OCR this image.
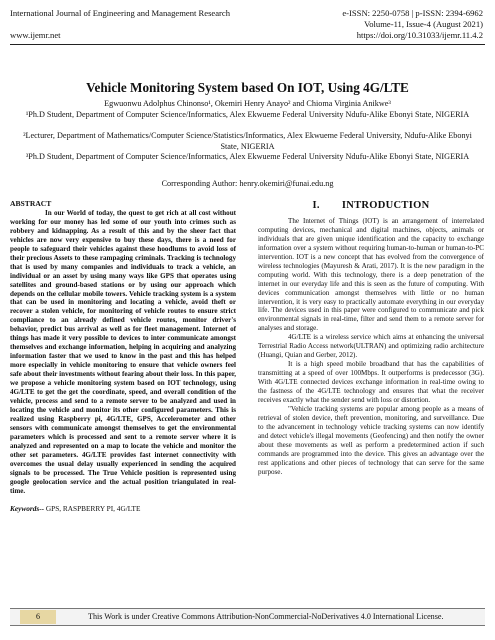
International Journal of Engineering and Management Research
www.ijemr.net
e-ISSN: 2250-0758 | p-ISSN: 2394-6962
Volume-11, Issue-4 (August 2021)
https://doi.org/10.31033/ijemr.11.4.2
Vehicle Monitoring System based On IOT, Using 4G/LTE
Egwuonwu Adolphus Chinonso¹, Okemiri Henry Anayo² and Chioma Virginia Anikwe³
¹Ph.D Student, Department of Computer Science/Informatics, Alex Ekwueme Federal University Ndufu-Alike Ebonyi State, NIGERIA
²Lecturer, Department of Mathematics/Computer Science/Statistics/Informatics, Alex Ekwueme Federal University, Ndufu-Alike Ebonyi State, NIGERIA
³Ph.D Student, Department of Computer Science/Informatics, Alex Ekwueme Federal University Ndufu-Alike Ebonyi State, NIGERIA
Corresponding Author: henry.okemiri@funai.edu.ng
ABSTRACT
In our World of today, the quest to get rich at all cost without working for our money has led some of our youth into crimes such as robbery and kidnapping. As a result of this and by the sheer fact that vehicles are now very expensive to buy these days, there is a need for people to safeguard their vehicles against these hoodlums to avoid loss of their precious Assets to these rampaging criminals. Tracking is technology that is used by many companies and individuals to track a vehicle, an individual or an asset by using many ways like GPS that operates using satellites and ground-based stations or by using our approach which depends on the cellular mobile towers. Vehicle tracking system is a system that can be used in monitoring and locating a vehicle, avoid theft or recover a stolen vehicle, for monitoring of vehicle routes to ensure strict compliance to an already defined vehicle routes, monitor driver's behavior, predict bus arrival as well as for fleet management. Internet of things has made it very possible to devices to inter communicate amongst themselves and exchange information, helping in acquiring and analyzing information faster that we used to know in the past and this has helped more especially in vehicle monitoring to ensure that vehicle owners feel safe about their investments without fearing about their loss. In this paper, we propose a vehicle monitoring system based on IOT technology, using 4G/LTE to get the get the coordinate, speed, and overall condition of the vehicle, process and send to a remote server to be analyzed and used in locating the vehicle and monitor its other configured parameters. This is realized using Raspberry pi, 4G/LTE, GPS, Accelerometer and other sensors with communicate amongst themselves to get the environmental parameters which is processed and sent to a remote server where it is analyzed and represented on a map to locate the vehicle and monitor the other set parameters. 4G/LTE provides fast internet connectivity with overcomes the usual delay usually experienced in sending the acquired signals to be processed. The True Vehicle position is represented using google geolocation service and the actual position triangulated in real-time.
Keywords-- GPS, RASPBERRY PI, 4G/LTE
I. INTRODUCTION
The Internet of Things (IOT) is an arrangement of interrelated computing devices, mechanical and digital machines, objects, animals or individuals that are given unique identification and the capacity to exchange information over a system without requiring human-to-human or human-to-PC intervention. IOT is a new concept that has evolved from the convergence of wireless technologies (Mayuresh & Arati, 2017). It is the new paradigm in the computing world. With this technology, there is a deep penetration of the internet in our everyday life and this is seen as the future of computing. With devices communication amongst themselves with little or no human intervention, it is very easy to practically automate everything in our everyday life. The devices used in this paper were configured to communicate and pick environmental signals in real-time, filter and send them to a remote server for analyses and storage.
4G/LTE is a wireless service which aims at enhancing the universal Terrestrial Radio Access network(ULTRAN) and optimizing radio architecture (Huangi, Quian and Gerber, 2012).
It is a high speed mobile broadband that has the capabilities of transmitting at a speed of over 100Mbps. It outperforms is predecessor (3G). With 4G/LTE connected devices exchange information in real-time owing to the fastness of the 4G/LTE technology and ensures that what the receiver receives exactly what the sender send with loss or distortion.
"Vehicle tracking systems are popular among people as a means of retrieval of stolen device, theft prevention, monitoring, and surveillance. Due to the advancement in technology vehicle tracking systems can now identify and detect vehicle's illegal movements (Geofencing) and then notify the owner about these movements as well as perform a predetermined action if such commands are programmed into the device. This gives an advantage over the rest applications and other pieces of technology that can serve for the same purpose.
6	This Work is under Creative Commons Attribution-NonCommercial-NoDerivatives 4.0 International License.
